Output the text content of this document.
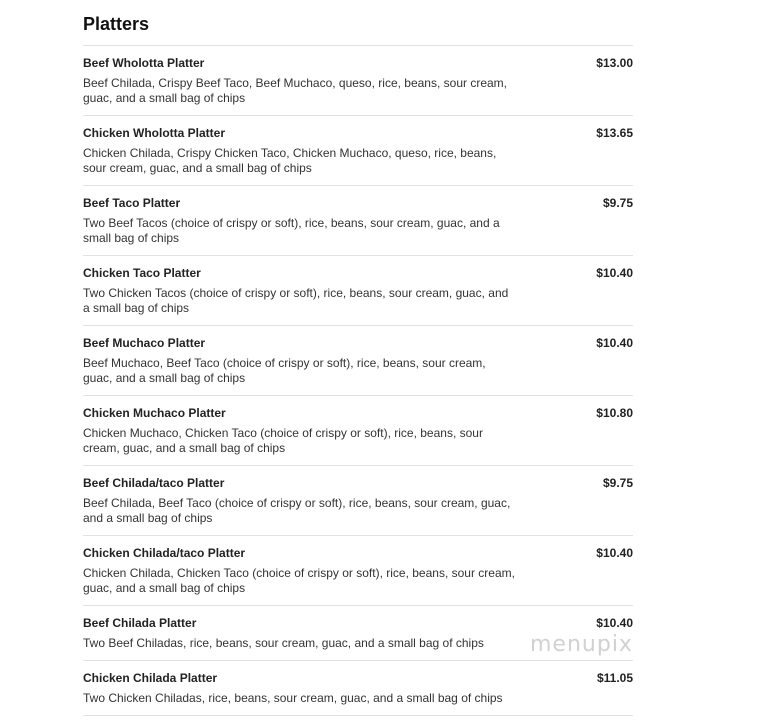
Platters
Beef Wholotta Platter	$13.00
Beef Chilada, Crispy Beef Taco, Beef Muchaco, queso, rice, beans, sour cream, guac, and a small bag of chips
Chicken Wholotta Platter	$13.65
Chicken Chilada, Crispy Chicken Taco, Chicken Muchaco, queso, rice, beans, sour cream, guac, and a small bag of chips
Beef Taco Platter	$9.75
Two Beef Tacos (choice of crispy or soft), rice, beans, sour cream, guac, and a small bag of chips
Chicken Taco Platter	$10.40
Two Chicken Tacos (choice of crispy or soft), rice, beans, sour cream, guac, and a small bag of chips
Beef Muchaco Platter	$10.40
Beef Muchaco, Beef Taco (choice of crispy or soft), rice, beans, sour cream, guac, and a small bag of chips
Chicken Muchaco Platter	$10.80
Chicken Muchaco, Chicken Taco (choice of crispy or soft), rice, beans, sour cream, guac, and a small bag of chips
Beef Chilada/taco Platter	$9.75
Beef Chilada, Beef Taco (choice of crispy or soft), rice, beans, sour cream, guac, and a small bag of chips
Chicken Chilada/taco Platter	$10.40
Chicken Chilada, Chicken Taco (choice of crispy or soft), rice, beans, sour cream, guac, and a small bag of chips
Beef Chilada Platter	$10.40
Two Beef Chiladas, rice, beans, sour cream, guac, and a small bag of chips
Chicken Chilada Platter	$11.05
Two Chicken Chiladas, rice, beans, sour cream, guac, and a small bag of chips
menupix
